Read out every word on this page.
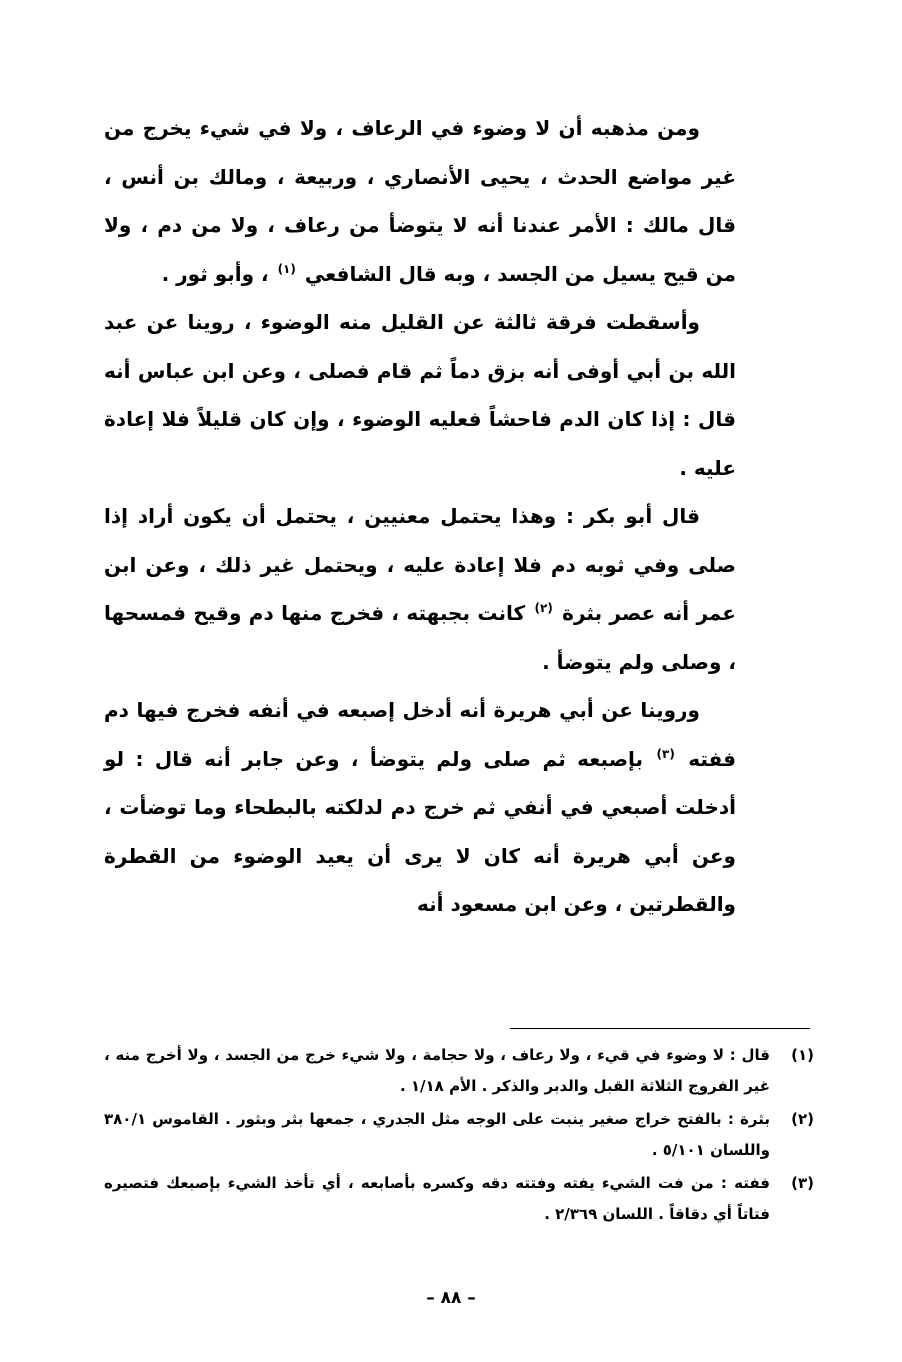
ومن مذهبه أن لا وضوء في الرعاف ، ولا في شيء يخرج من غير مواضع الحدث ، يحيى الأنصاري ، وربيعة ، ومالك بن أنس ، قال مالك : الأمر عندنا أنه لا يتوضأ من رعاف ، ولا من دم ، ولا من قيح يسيل من الجسد ، وبه قال الشافعي $^{(١)}$ ، وأبو ثور .

وأسقطت فرقة ثالثة عن القليل منه الوضوء ، روينا عن عبد الله بن أبي أوفى أنه بزق دماً ثم قام فصلى ، وعن ابن عباس أنه قال : إذا كان الدم فاحشاً فعليه الوضوء ، وإن كان قليلاً فلا إعادة عليه .

قال أبو بكر : وهذا يحتمل معنيين ، يحتمل أن يكون أراد إذا صلى وفي ثوبه دم فلا إعادة عليه ، ويحتمل غير ذلك ، وعن ابن عمر أنه عصر بثرة $^{(٢)}$ كانت بجبهته ، فخرج منها دم وقيح فمسحها ، وصلى ولم يتوضأ .

وروينا عن أبي هريرة أنه أدخل إصبعه في أنفه فخرج فيها دم ففته $^{(٣)}$ بإصبعه ثم صلى ولم يتوضأ ، وعن جابر أنه قال : لو أدخلت أصبعي في أنفي ثم خرج دم لدلكته بالبطحاء وما توضأت ، وعن أبي هريرة أنه كان لا يرى أن يعيد الوضوء من القطرة والقطرتين ، وعن ابن مسعود أنه

(١)
قال : لا وضوء في قيء ، ولا رعاف ، ولا حجامة ، ولا شيء خرج من الجسد ، ولا أخرج منه ، غير الفروج الثلاثة القبل والدبر والذكر . الأم ١/١٨ .
(٢)
بثرة : بالفتح خراج صغير ينبت على الوجه مثل الجدري ، جمعها بثر وبثور . القاموس ٣٨٠/١ واللسان ٥/١٠١ .
(٣)
ففته : من فت الشيء يفته وفتته دقه وكسره بأصابعه ، أي تأخذ الشيء بإصبعك فتصيره فتاتاً أي دقاقاً . اللسان ٢/٣٦٩ .
– ٨٨ –
